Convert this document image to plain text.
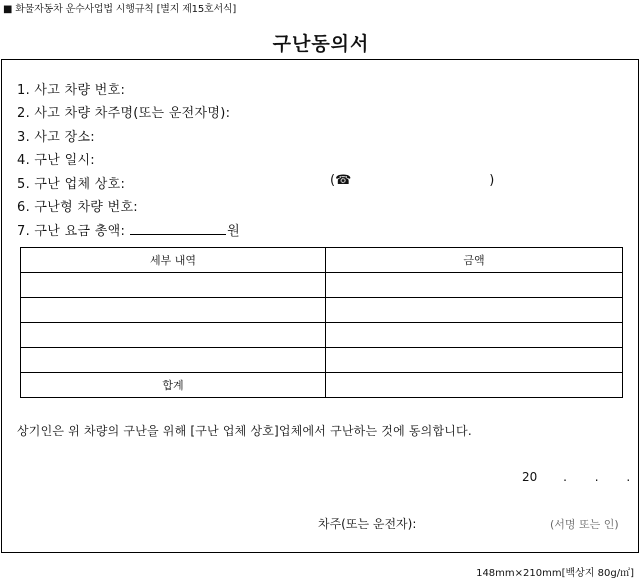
■ 화물자동차 운수사업법 시행규칙 [별지 제15호서식]
구난동의서
1. 사고 차량 번호:
2. 사고 차량 차주명(또는 운전자명):
3. 사고 장소:
4. 구난 일시:
5. 구난 업체 상호:	(☎	)
6. 구난형 차량 번호:
7. 구난 요금 총액:	원
세부 내역	금액

합계	
상기인은 위 차량의 구난을 위해 [구난 업체 상호]업체에서 구난하는 것에 동의합니다.
20 . . .
차주(또는 운전자):	(서명 또는 인)
148mm×210mm[백상지 80g/㎡]
